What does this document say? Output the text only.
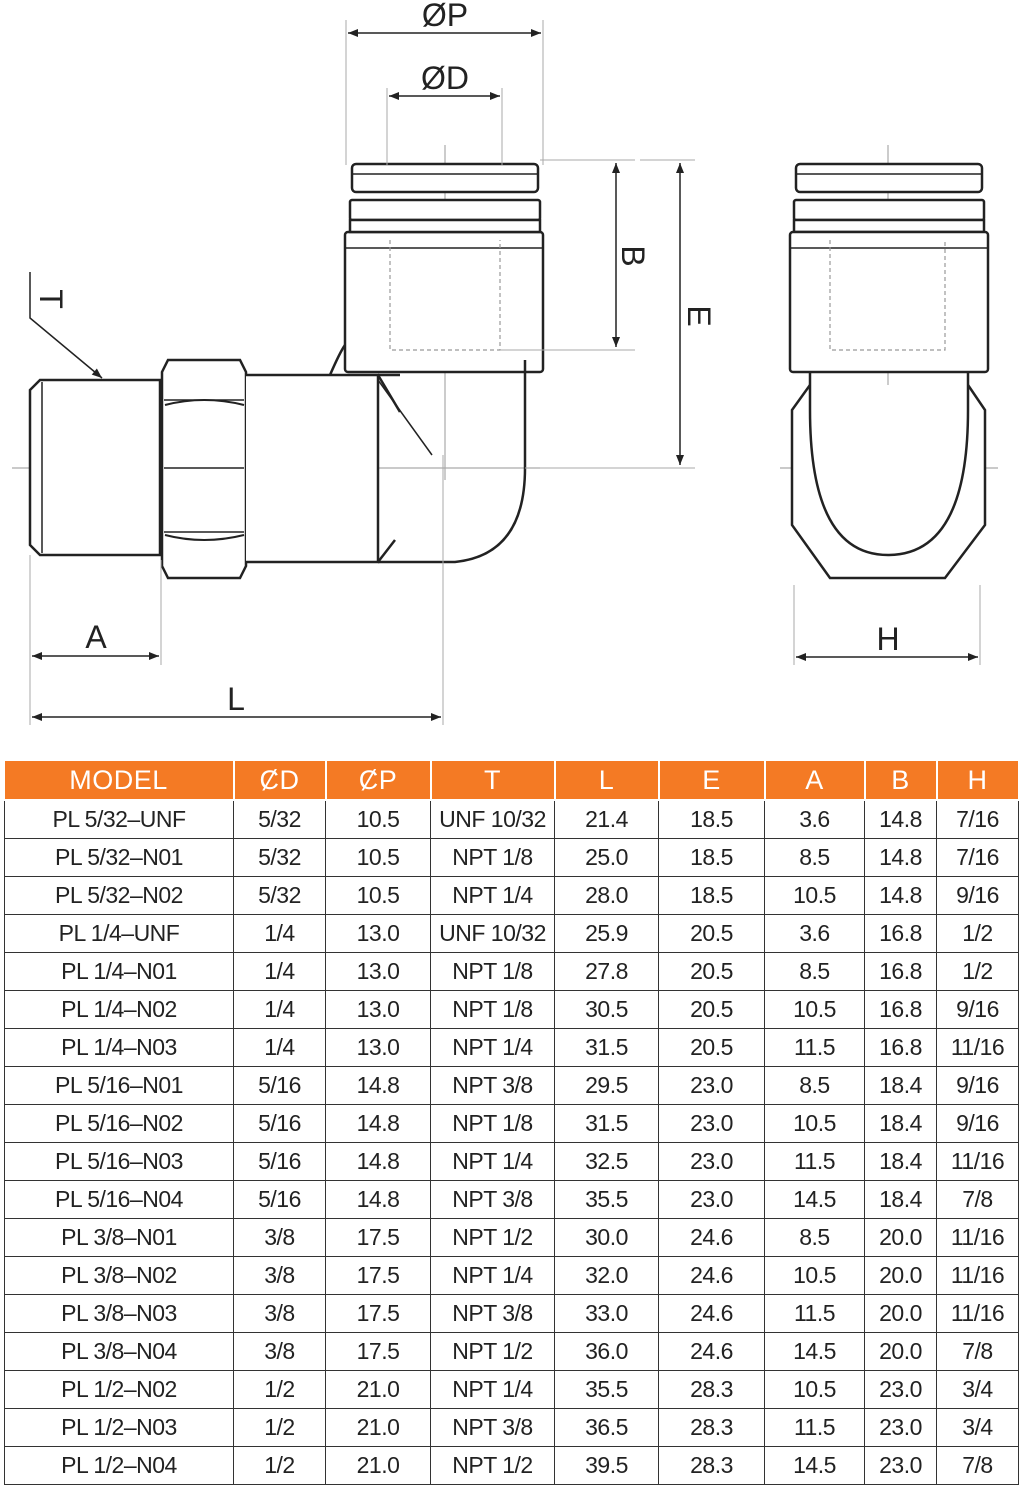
ØP
ØD
B
E
T
A
L
H
MODEL	ȻD	ȻP	T	L	E	A	B	H
PL 5/32–UNF	5/32	10.5	UNF 10/32	21.4	18.5	3.6	14.8	7/16
PL 5/32–N01	5/32	10.5	NPT 1/8	25.0	18.5	8.5	14.8	7/16
PL 5/32–N02	5/32	10.5	NPT 1/4	28.0	18.5	10.5	14.8	9/16
PL 1/4–UNF	1/4	13.0	UNF 10/32	25.9	20.5	3.6	16.8	1/2
PL 1/4–N01	1/4	13.0	NPT 1/8	27.8	20.5	8.5	16.8	1/2
PL 1/4–N02	1/4	13.0	NPT 1/8	30.5	20.5	10.5	16.8	9/16
PL 1/4–N03	1/4	13.0	NPT 1/4	31.5	20.5	11.5	16.8	11/16
PL 5/16–N01	5/16	14.8	NPT 3/8	29.5	23.0	8.5	18.4	9/16
PL 5/16–N02	5/16	14.8	NPT 1/8	31.5	23.0	10.5	18.4	9/16
PL 5/16–N03	5/16	14.8	NPT 1/4	32.5	23.0	11.5	18.4	11/16
PL 5/16–N04	5/16	14.8	NPT 3/8	35.5	23.0	14.5	18.4	7/8
PL 3/8–N01	3/8	17.5	NPT 1/2	30.0	24.6	8.5	20.0	11/16
PL 3/8–N02	3/8	17.5	NPT 1/4	32.0	24.6	10.5	20.0	11/16
PL 3/8–N03	3/8	17.5	NPT 3/8	33.0	24.6	11.5	20.0	11/16
PL 3/8–N04	3/8	17.5	NPT 1/2	36.0	24.6	14.5	20.0	7/8
PL 1/2–N02	1/2	21.0	NPT 1/4	35.5	28.3	10.5	23.0	3/4
PL 1/2–N03	1/2	21.0	NPT 3/8	36.5	28.3	11.5	23.0	3/4
PL 1/2–N04	1/2	21.0	NPT 1/2	39.5	28.3	14.5	23.0	7/8
